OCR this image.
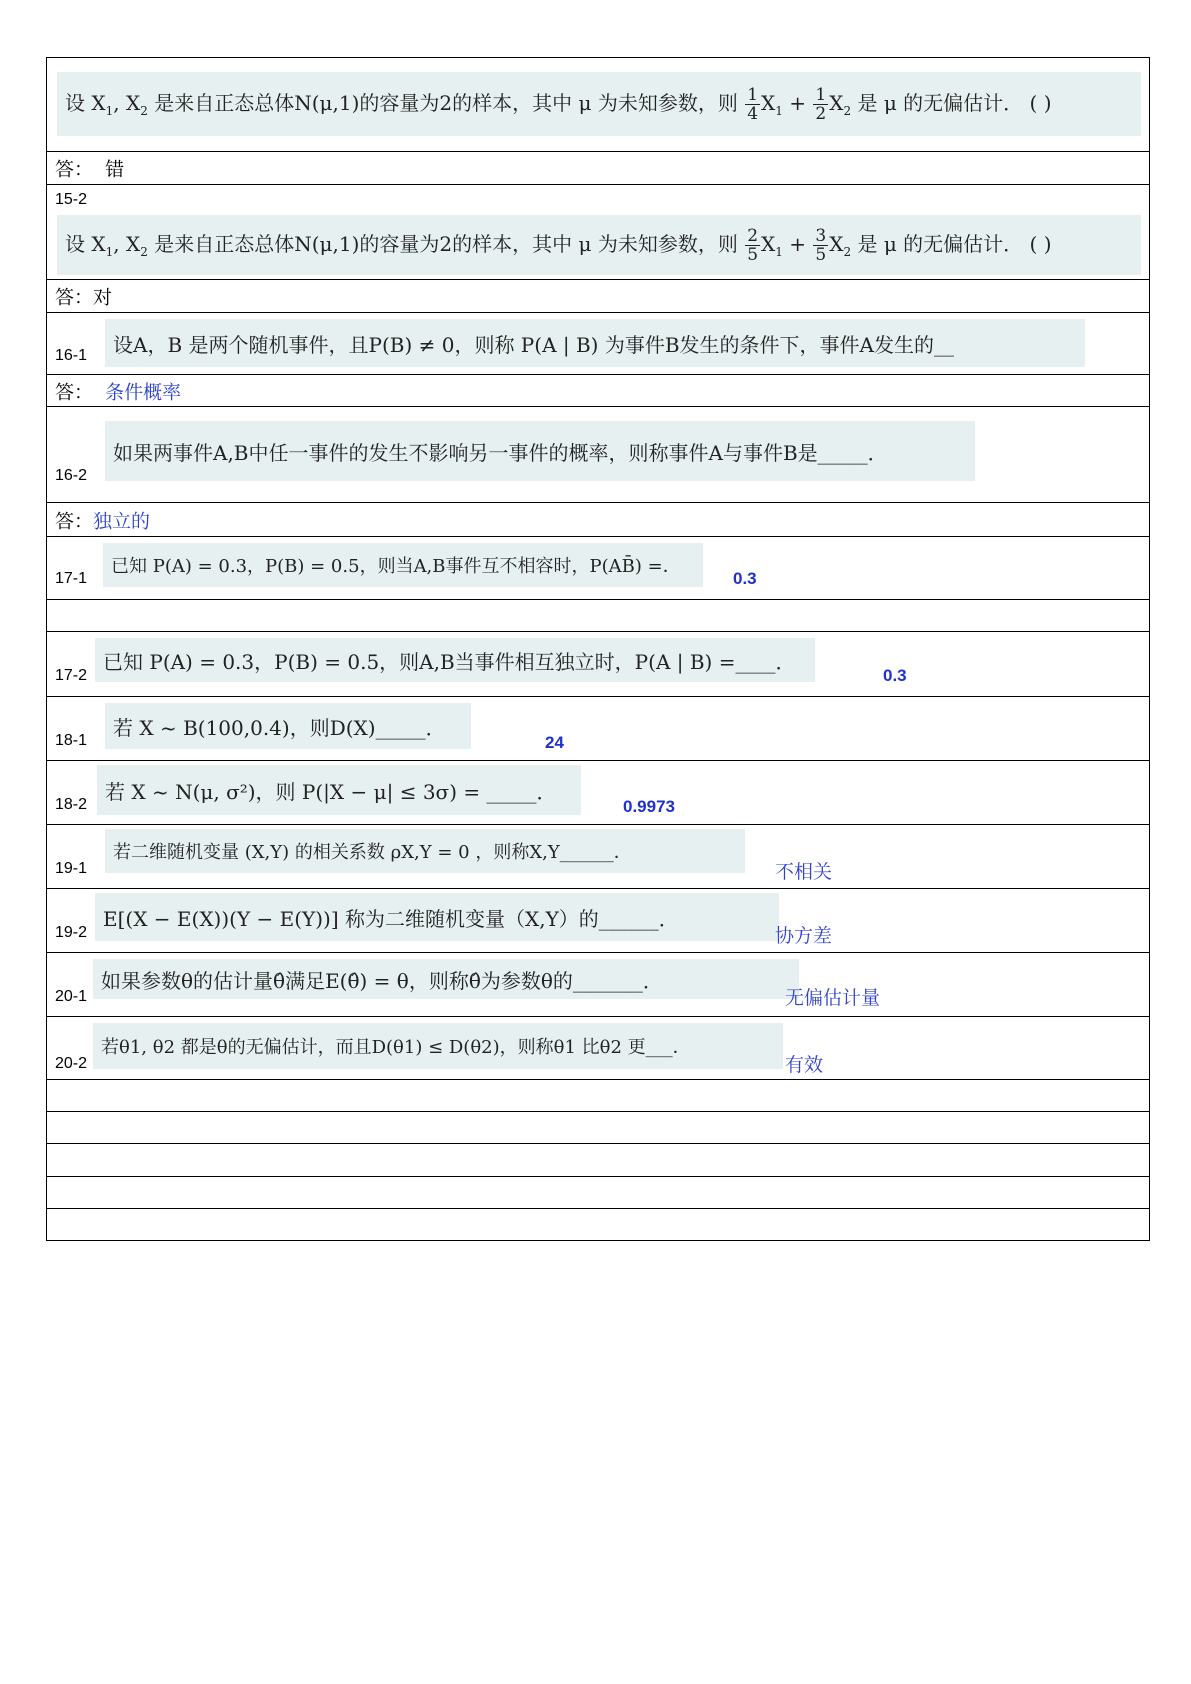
设 $X_1$, $X_2$ 是来自正态总体N(μ,1)的容量为2的样本，其中 μ 为未知参数，则 $\frac{1}{4} X_1 + \frac{1}{2} X_2$ 是 μ 的无偏估计． ( )
答： 错
15-2
设 $X_1$, $X_2$ 是来自正态总体N(μ,1)的容量为2的样本，其中 μ 为未知参数，则 $\frac{2}{5} X_1 + \frac{3}{5} X_2$ 是 μ 的无偏估计． ( )
答：对
16-1	设A，B 是两个随机事件，且P(B) ≠ 0，则称 P(A | B) 为事件B发生的条件下，事件A发生的__
答： 条件概率
16-2
如果两事件A,B中任一事件的发生不影响另一事件的概率，则称事件A与事件B是_____．
答：独立的
17-1
已知 P(A) = 0.3，P(B) = 0.5，则当A,B事件互不相容时，P(AB̄) =．
0.3
17-2
已知 P(A) = 0.3，P(B) = 0.5，则A,B当事件相互独立时，P(A | B) =____．
0.3
18-1
若 X ~ B(100,0.4)，则D(X)_____．
24
18-2
若 X ~ N(μ, σ²)，则 P(|X − μ| ≤ 3σ) = _____．
0.9973
19-1
若二维随机变量 (X,Y) 的相关系数 ρX,Y = 0 ，则称X,Y______．
不相关
19-2
E[(X − E(X))(Y − E(Y))] 称为二维随机变量（X,Y）的______．
协方差
20-1
如果参数θ的估计量θ̂满足E(θ̂) = θ，则称θ̂为参数θ的_______．
无偏估计量
20-2
若θ1, θ2 都是θ的无偏估计，而且D(θ1) ≤ D(θ2)，则称θ1 比θ2 更___．
有效
